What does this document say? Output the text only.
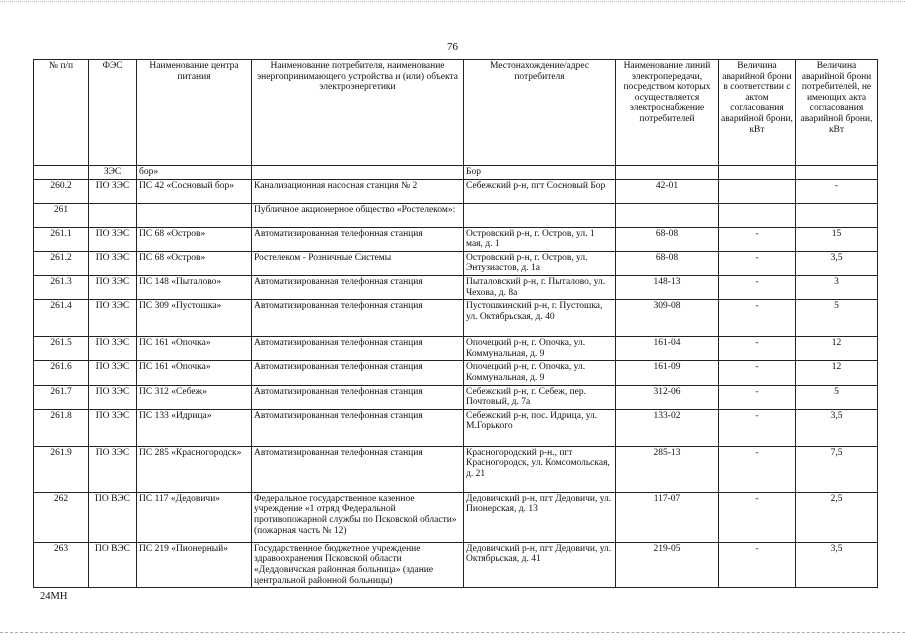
76
№ п/п	ФЭС	Наименование центра питания	Наименование потребителя, наименование энергопринимающего устройства и (или) объекта электроэнергетики	Местонахождение/адрес потребителя	Наименование линий электропередачи, посредством которых осуществляется электроснабжение потребителей	Величина аварийной брони в соответствии с актом согласования аварийной брони, кВт	Величина аварийной брони потребителей, не имеющих акта согласования аварийной брони, кВт
	ЗЭС	бор»		Бор			
260.2	ПО ЗЭС	ПС 42 «Сосновый бор»	Канализационная насосная станция № 2	Себежский р-н, пгт Сосновый Бор	42-01		-
261			Публичное акционерное общество «Ростелеком»:				
261.1	ПО ЗЭС	ПС 68 «Остров»	Автоматизированная телефонная станция	Островский р-н, г. Остров, ул. 1 мая, д. 1	68-08	-	15
261.2	ПО ЗЭС	ПС 68 «Остров»	Ростелеком - Розничные Системы	Островский р-н, г. Остров, ул. Энтузиастов, д. 1а	68-08	-	3,5
261.3	ПО ЗЭС	ПС 148 «Пыталово»	Автоматизированная телефонная станция	Пыталовский р-н, г. Пыталово, ул. Чехова, д. 8а	148-13	-	3
261.4	ПО ЗЭС	ПС 309 «Пустошка»	Автоматизированная телефонная станция	Пустошкинский р-н, г. Пустошка, ул. Октябрьская, д. 40	309-08	-	5
261.5	ПО ЗЭС	ПС 161 «Опочка»	Автоматизированная телефонная станция	Опочецкий р-н, г. Опочка, ул. Коммунальная, д. 9	161-04	-	12
261.6	ПО ЗЭС	ПС 161 «Опочка»	Автоматизированная телефонная станция	Опочецкий р-н, г. Опочка, ул. Коммунальная, д. 9	161-09	-	12
261.7	ПО ЗЭС	ПС 312 «Себеж»	Автоматизированная телефонная станция	Себежский р-н, г. Себеж, пер. Почтовый, д. 7а	312-06	-	5
261.8	ПО ЗЭС	ПС 133 «Идрица»	Автоматизированная телефонная станция	Себежский р-н, пос. Идрица, ул. М.Горького	133-02	-	3,5
261.9	ПО ЗЭС	ПС 285 «Красногородск»	Автоматизированная телефонная станция	Красногородский р-н., пгт Красногородск, ул. Комсомольская, д. 21	285-13	-	7,5
262	ПО ВЭС	ПС 117 «Дедовичи»	Федеральное государственное казенное учреждение «1 отряд Федеральной противопожарной службы по Псковской области» (пожарная часть № 12)	Дедовичский р-н, пгт Дедовичи, ул. Пионерская, д. 13	117-07	-	2,5
263	ПО ВЭС	ПС 219 «Пионерный»	Государственное бюджетное учреждение здравоохранения Псковской области «Деддовичская районная больница» (здание центральной районной больницы)	Дедовичский р-н, пгт Дедовичи, ул. Октябрьская, д. 41	219-05	-	3,5
24МН
